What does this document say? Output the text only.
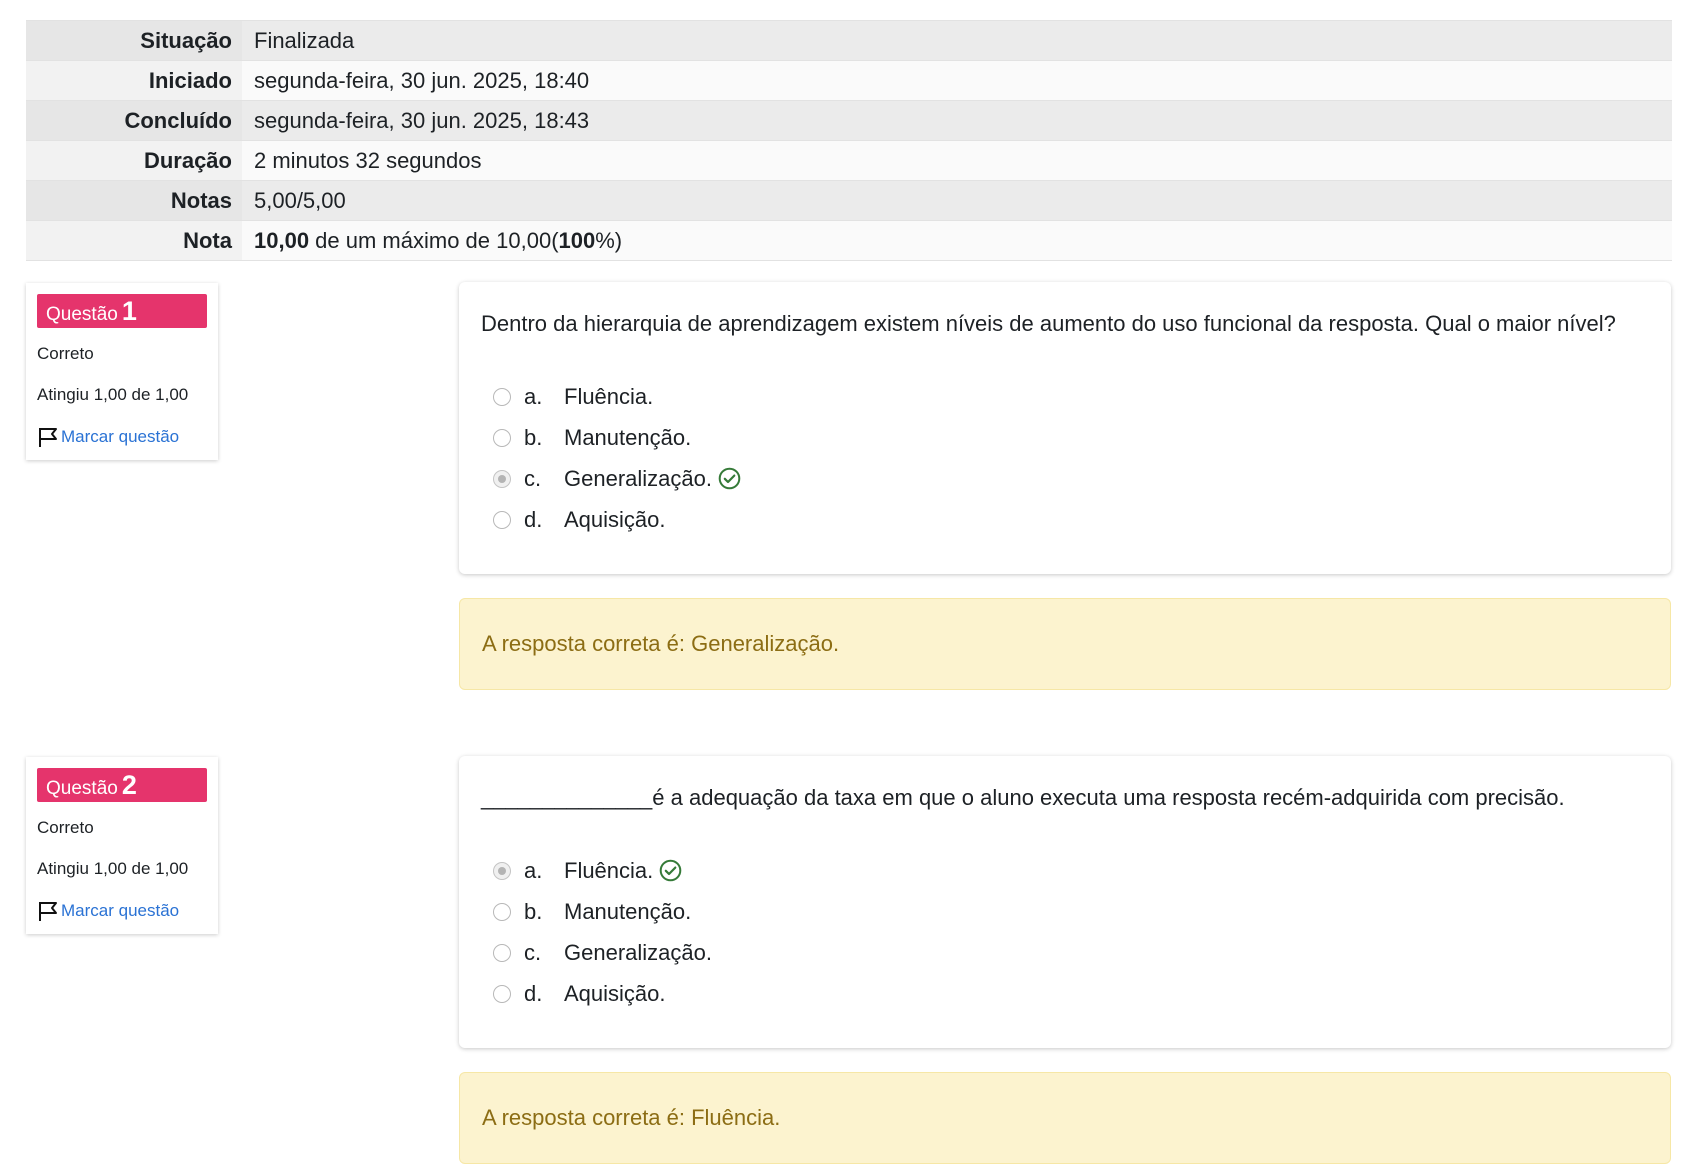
Situação	Finalizada
Iniciado	segunda-feira, 30 jun. 2025, 18:40
Concluído	segunda-feira, 30 jun. 2025, 18:43
Duração	2 minutos 32 segundos
Notas	5,00/5,00
Nota	10,00 de um máximo de 10,00(100%)
Questão 1
Correto
Atingiu 1,00 de 1,00
Marcar questão
Dentro da hierarquia de aprendizagem existem níveis de aumento do uso funcional da resposta. Qual o maior nível?
a. Fluência.
b. Manutenção.
c.	Generalização.
d. Aquisição.
A resposta correta é: Generalização.
Questão 2
Correto
Atingiu 1,00 de 1,00
Marcar questão
______________é a adequação da taxa em que o aluno executa uma resposta recém-adquirida com precisão.
a. Fluência.
b. Manutenção.
c.	Generalização.
d. Aquisição.
A resposta correta é: Fluência.
